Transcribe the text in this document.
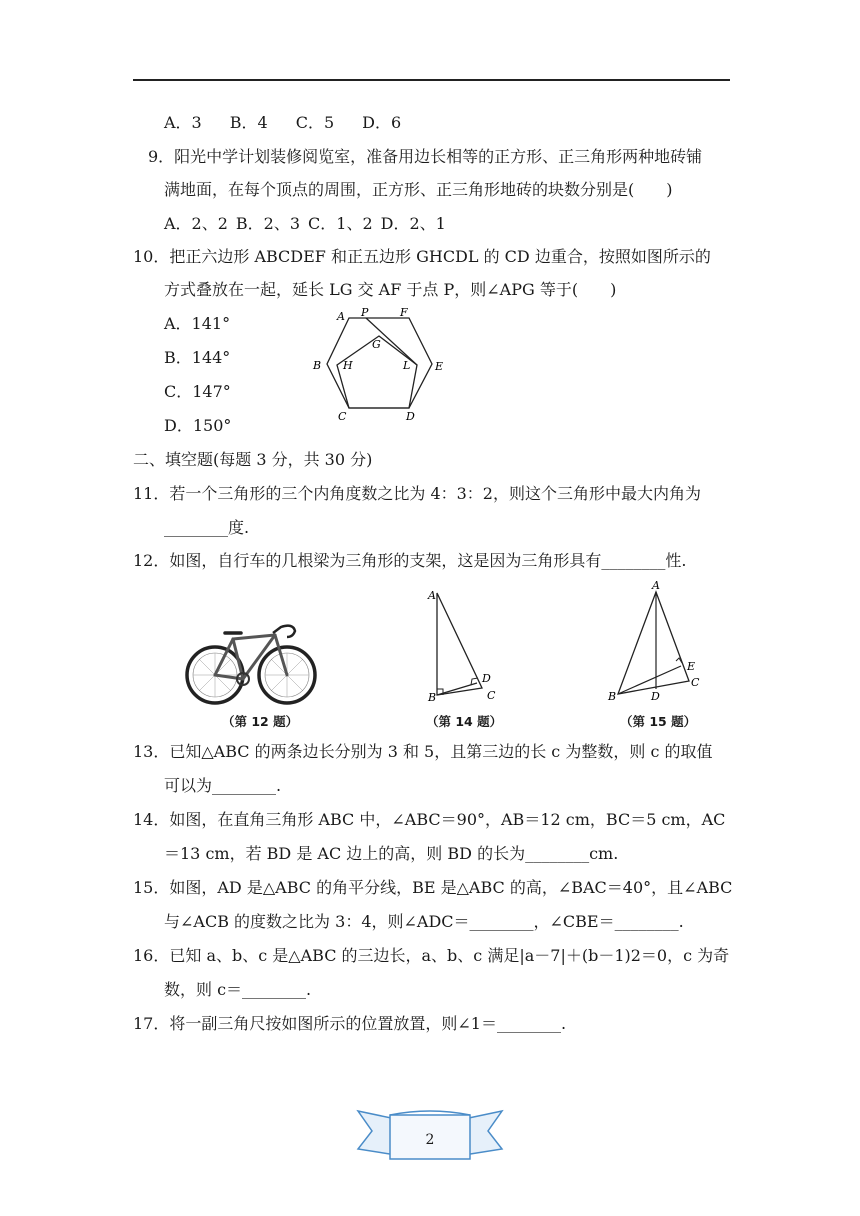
A．3 B．4 C．5 D．6
9．阳光中学计划装修阅览室，准备用边长相等的正方形、正三角形两种地砖铺
满地面，在每个顶点的周围，正方形、正三角形地砖的块数分别是(　　)
A．2、2 B．2、3 C．1、2 D．2、1
10．把正六边形 ABCDEF 和正五边形 GHCDL 的 CD 边重合，按照如图所示的
方式叠放在一起，延长 LG 交 AF 于点 P，则∠APG 等于(　　)
A．141°
B．144°
C．147°
D．150°
A P	F
G
B H	L E
C	D
二、填空题(每题 3 分，共 30 分)
11．若一个三角形的三个内角度数之比为 4：3：2，则这个三角形中最大内角为
________度.
12．如图，自行车的几根梁为三角形的支架，这是因为三角形具有________性.
（第 12 题）
A
D
B	C
（第 14 题）
A
E
C
B	D
（第 15 题）
13．已知△ABC 的两条边长分别为 3 和 5，且第三边的长 c 为整数，则 c 的取值
可以为________.
14．如图，在直角三角形 ABC 中，∠ABC＝90°，AB＝12 cm，BC＝5 cm，AC
＝13 cm，若 BD 是 AC 边上的高，则 BD 的长为________cm.
15．如图，AD 是△ABC 的角平分线，BE 是△ABC 的高，∠BAC＝40°，且∠ABC
与∠ACB 的度数之比为 3：4，则∠ADC＝________，∠CBE＝________.
16．已知 a、b、c 是△ABC 的三边长，a、b、c 满足|a－7|＋(b－1)2＝0，c 为奇
数，则 c＝________.
17．将一副三角尺按如图所示的位置放置，则∠1＝________.
2
